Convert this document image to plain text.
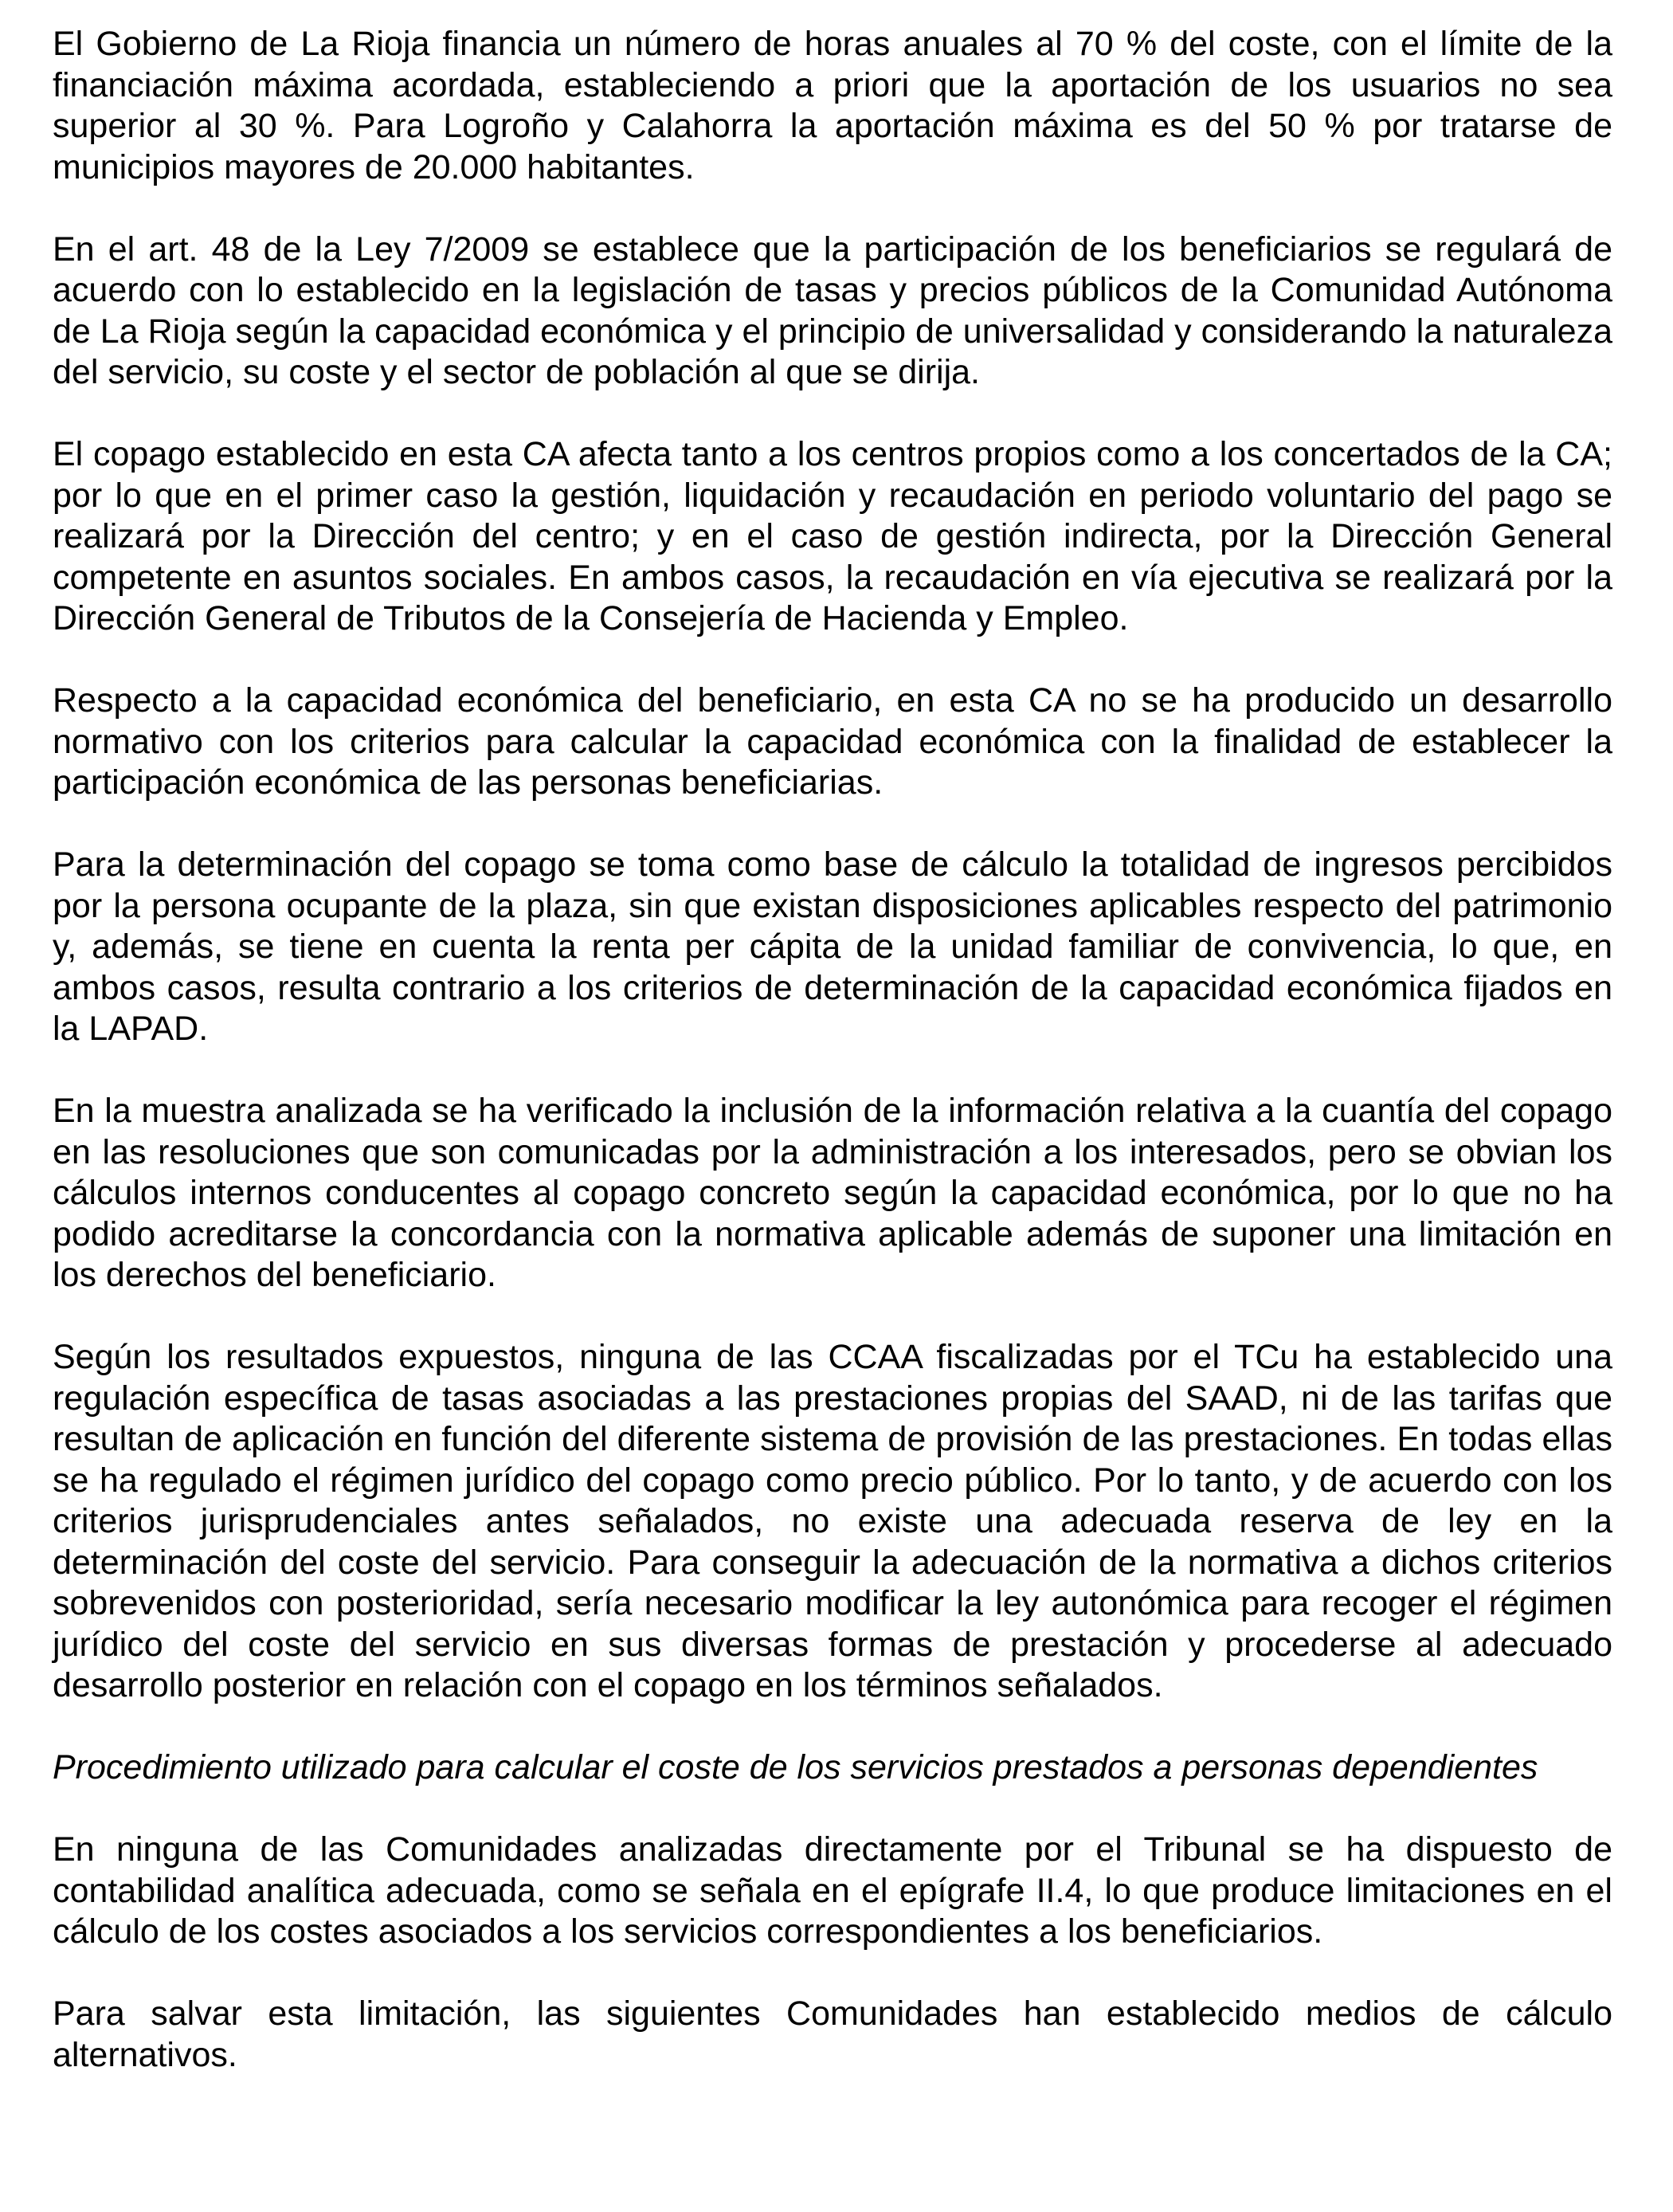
El Gobierno de La Rioja financia un número de horas anuales al 70 % del coste, con el límite de la financiación máxima acordada, estableciendo a priori que la aportación de los usuarios no sea superior al 30 %. Para Logroño y Calahorra la aportación máxima es del 50 % por tratarse de municipios mayores de 20.000 habitantes.

En el art. 48 de la Ley 7/2009 se establece que la participación de los beneficiarios se regulará de acuerdo con lo establecido en la legislación de tasas y precios públicos de la Comunidad Autónoma de La Rioja según la capacidad económica y el principio de universalidad y considerando la naturaleza del servicio, su coste y el sector de población al que se dirija.

El copago establecido en esta CA afecta tanto a los centros propios como a los concertados de la CA; por lo que en el primer caso la gestión, liquidación y recaudación en periodo voluntario del pago se realizará por la Dirección del centro; y en el caso de gestión indirecta, por la Dirección General competente en asuntos sociales. En ambos casos, la recaudación en vía ejecutiva se realizará por la Dirección General de Tributos de la Consejería de Hacienda y Empleo.

Respecto a la capacidad económica del beneficiario, en esta CA no se ha producido un desarrollo normativo con los criterios para calcular la capacidad económica con la finalidad de establecer la participación económica de las personas beneficiarias.

Para la determinación del copago se toma como base de cálculo la totalidad de ingresos percibidos por la persona ocupante de la plaza, sin que existan disposiciones aplicables respecto del patrimonio y, además, se tiene en cuenta la renta per cápita de la unidad familiar de convivencia, lo que, en ambos casos, resulta contrario a los criterios de determinación de la capacidad económica fijados en la LAPAD.

En la muestra analizada se ha verificado la inclusión de la información relativa a la cuantía del copago en las resoluciones que son comunicadas por la administración a los interesados, pero se obvian los cálculos internos conducentes al copago concreto según la capacidad económica, por lo que no ha podido acreditarse la concordancia con la normativa aplicable además de suponer una limitación en los derechos del beneficiario.

Según los resultados expuestos, ninguna de las CCAA fiscalizadas por el TCu ha establecido una regulación específica de tasas asociadas a las prestaciones propias del SAAD, ni de las tarifas que resultan de aplicación en función del diferente sistema de provisión de las prestaciones. En todas ellas se ha regulado el régimen jurídico del copago como precio público. Por lo tanto, y de acuerdo con los criterios jurisprudenciales antes señalados, no existe una adecuada reserva de ley en la determinación del coste del servicio. Para conseguir la adecuación de la normativa a dichos criterios sobrevenidos con posterioridad, sería necesario modificar la ley autonómica para recoger el régimen jurídico del coste del servicio en sus diversas formas de prestación y procederse al adecuado desarrollo posterior en relación con el copago en los términos señalados.

Procedimiento utilizado para calcular el coste de los servicios prestados a personas dependientes

En ninguna de las Comunidades analizadas directamente por el Tribunal se ha dispuesto de contabilidad analítica adecuada, como se señala en el epígrafe II.4, lo que produce limitaciones en el cálculo de los costes asociados a los servicios correspondientes a los beneficiarios.

Para salvar esta limitación, las siguientes Comunidades han establecido medios de cálculo alternativos.
